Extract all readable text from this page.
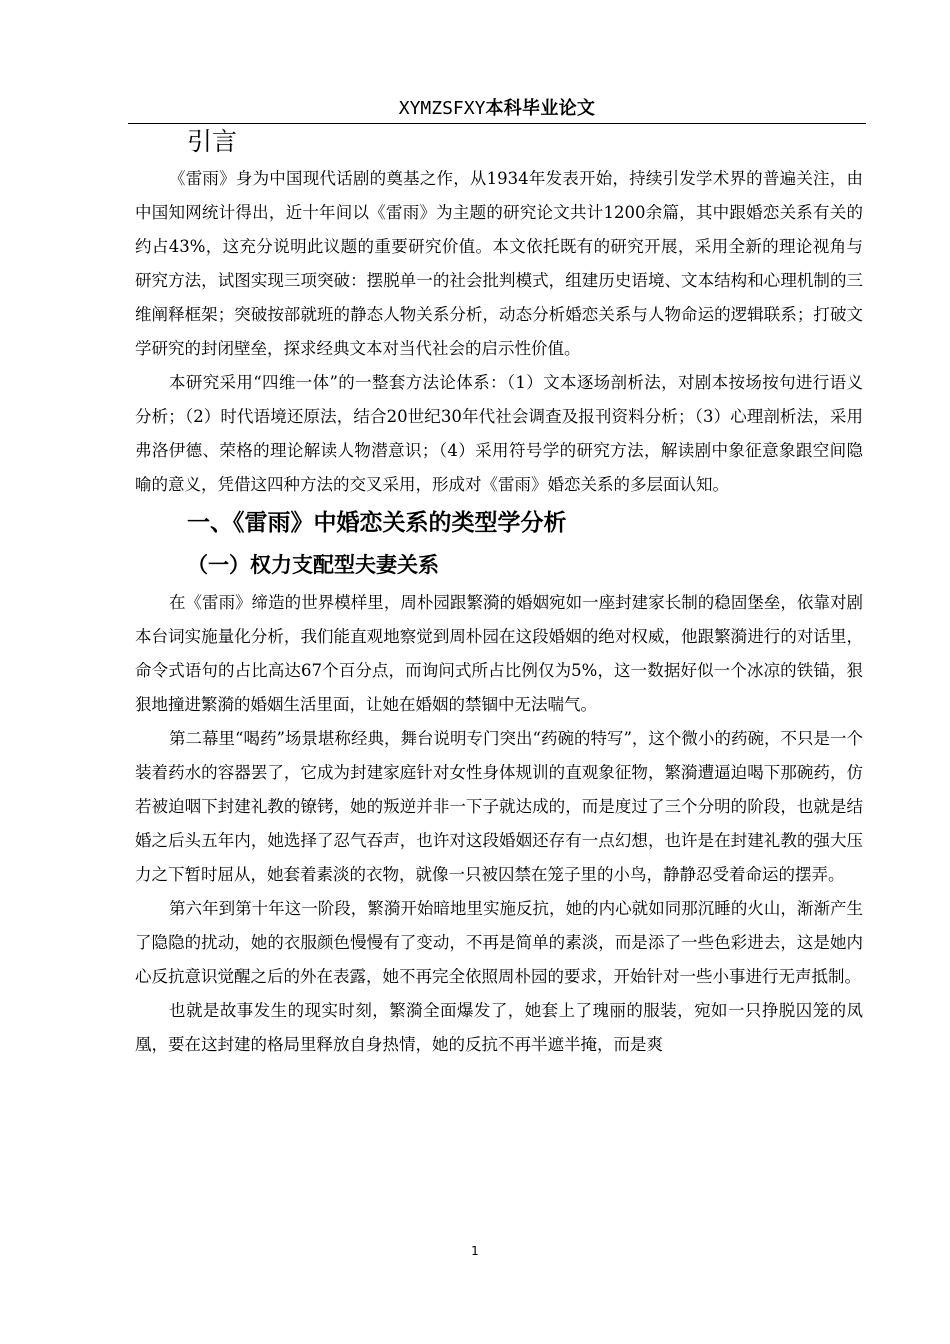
XYMZSFXY本科毕业论文
引言

《雷雨》身为中国现代话剧的奠基之作，从1934年发表开始，持续引发学术界的普遍关注，由中国知网统计得出，近十年间以《雷雨》为主题的研究论文共计1200余篇，其中跟婚恋关系有关的约占43%，这充分说明此议题的重要研究价值。本文依托既有的研究开展，采用全新的理论视角与研究方法，试图实现三项突破：摆脱单一的社会批判模式，组建历史语境、文本结构和心理机制的三维阐释框架；突破按部就班的静态人物关系分析，动态分析婚恋关系与人物命运的逻辑联系；打破文学研究的封闭壁垒，探求经典文本对当代社会的启示性价值。

本研究采用“四维一体”的一整套方法论体系：（1）文本逐场剖析法，对剧本按场按句进行语义分析；（2）时代语境还原法，结合20世纪30年代社会调查及报刊资料分析；（3）心理剖析法，采用弗洛伊德、荣格的理论解读人物潜意识；（4）采用符号学的研究方法，解读剧中象征意象跟空间隐喻的意义，凭借这四种方法的交叉采用，形成对《雷雨》婚恋关系的多层面认知。

一、《雷雨》中婚恋关系的类型学分析
（一）权力支配型夫妻关系

在《雷雨》缔造的世界模样里，周朴园跟繁漪的婚姻宛如一座封建家长制的稳固堡垒，依靠对剧本台词实施量化分析，我们能直观地察觉到周朴园在这段婚姻的绝对权威，他跟繁漪进行的对话里，命令式语句的占比高达67个百分点，而询问式所占比例仅为5%，这一数据好似一个冰凉的铁锚，狠狠地撞进繁漪的婚姻生活里面，让她在婚姻的禁锢中无法喘气。

第二幕里“喝药”场景堪称经典，舞台说明专门突出“药碗的特写”，这个微小的药碗，不只是一个装着药水的容器罢了，它成为封建家庭针对女性身体规训的直观象征物，繁漪遭逼迫喝下那碗药，仿若被迫咽下封建礼教的镣铐，她的叛逆并非一下子就达成的，而是度过了三个分明的阶段，也就是结婚之后头五年内，她选择了忍气吞声，也许对这段婚姻还存有一点幻想，也许是在封建礼教的强大压力之下暂时屈从，她套着素淡的衣物，就像一只被囚禁在笼子里的小鸟，静静忍受着命运的摆弄。

第六年到第十年这一阶段，繁漪开始暗地里实施反抗，她的内心就如同那沉睡的火山，渐渐产生了隐隐的扰动，她的衣服颜色慢慢有了变动，不再是简单的素淡，而是添了一些色彩进去，这是她内心反抗意识觉醒之后的外在表露，她不再完全依照周朴园的要求，开始针对一些小事进行无声抵制。

也就是故事发生的现实时刻，繁漪全面爆发了，她套上了瑰丽的服装，宛如一只挣脱囚笼的凤凰，要在这封建的格局里释放自身热情，她的反抗不再半遮半掩，而是爽

1
